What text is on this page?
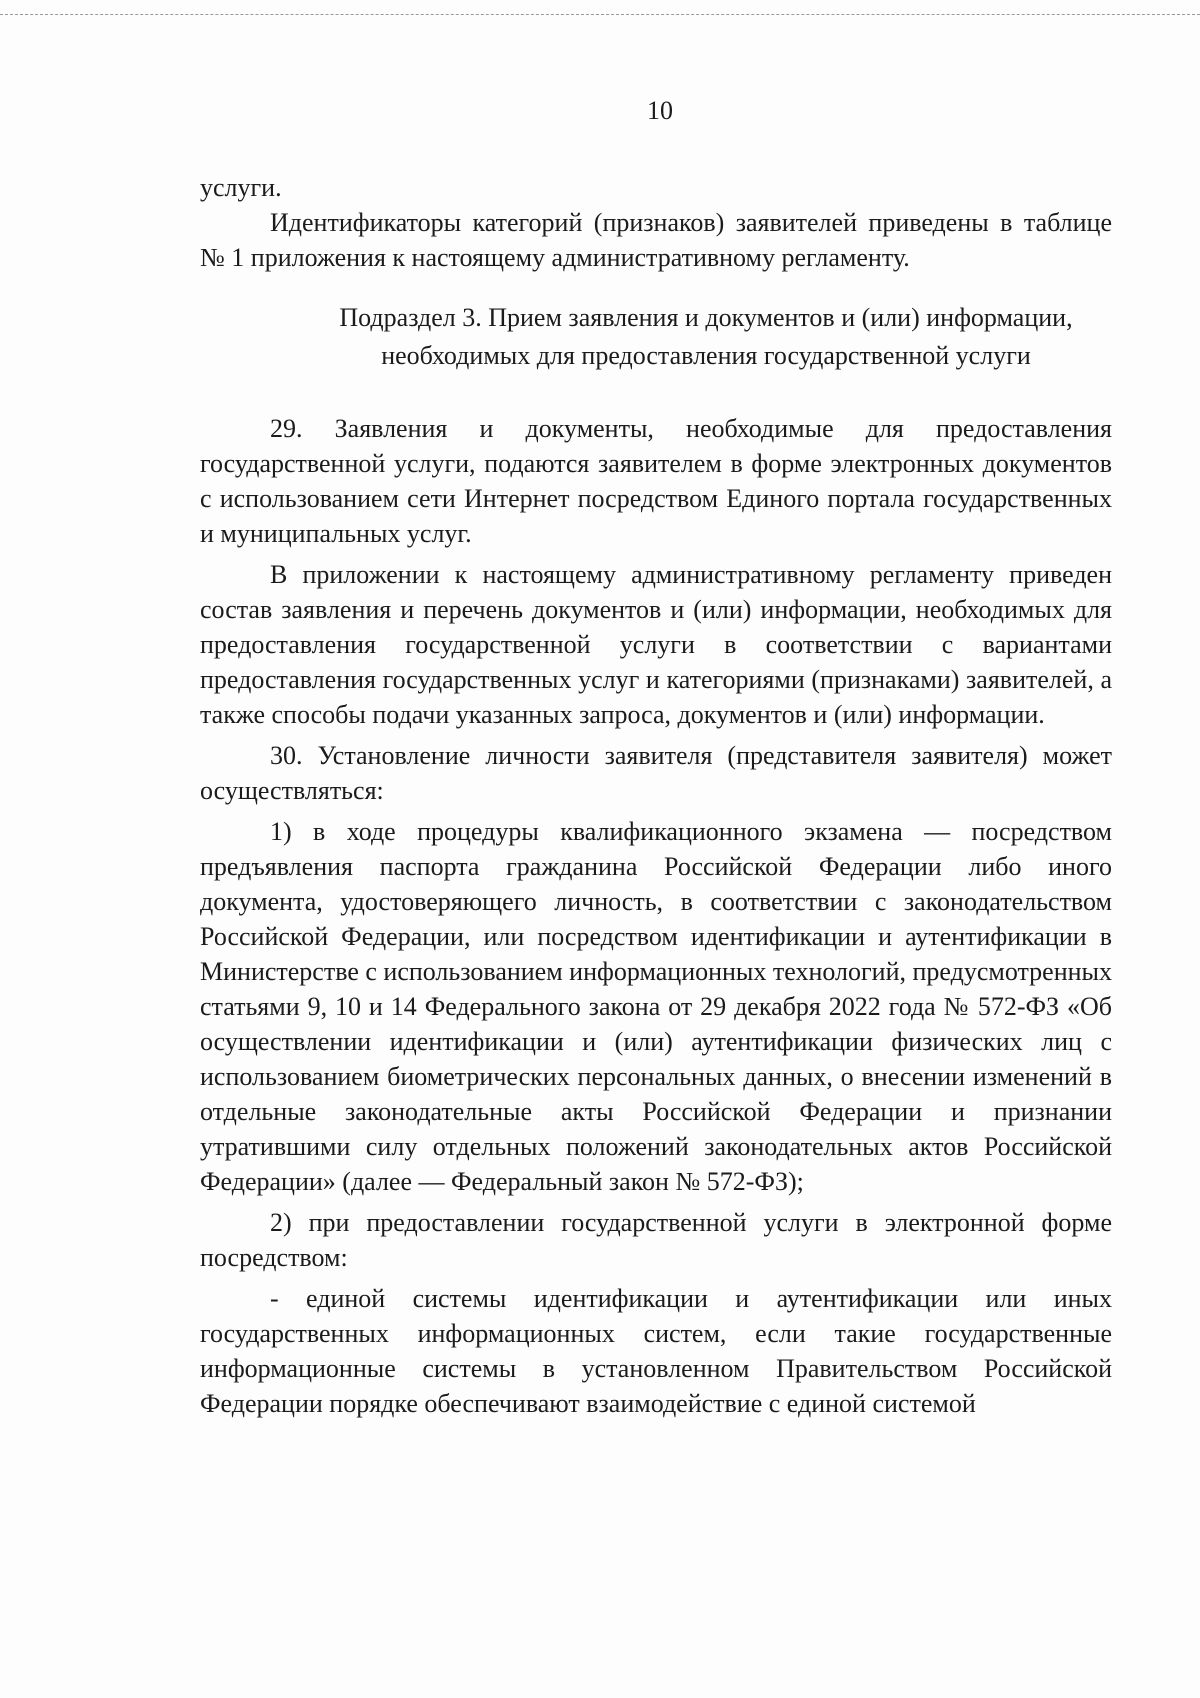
10

услуги.

Идентификаторы категорий (признаков) заявителей приведены в таблице № 1 приложения к настоящему административному регламенту.

Подраздел 3. Прием заявления и документов и (или) информации,
необходимых для предоставления государственной услуги

29. Заявления и документы, необходимые для предоставления государственной услуги, подаются заявителем в форме электронных документов с использованием сети Интернет посредством Единого портала государственных и муниципальных услуг.

В приложении к настоящему административному регламенту приведен состав заявления и перечень документов и (или) информации, необходимых для предоставления государственной услуги в соответствии с вариантами предоставления государственных услуг и категориями (признаками) заявителей, а также способы подачи указанных запроса, документов и (или) информации.

30. Установление личности заявителя (представителя заявителя) может осуществляться:

1) в ходе процедуры квалификационного экзамена — посредством предъявления паспорта гражданина Российской Федерации либо иного документа, удостоверяющего личность, в соответствии с законодательством Российской Федерации, или посредством идентификации и аутентификации в Министерстве с использованием информационных технологий, предусмотренных статьями 9, 10 и 14 Федерального закона от 29 декабря 2022 года № 572-ФЗ «Об осуществлении идентификации и (или) аутентификации физических лиц с использованием биометрических персональных данных, о внесении изменений в отдельные законодательные акты Российской Федерации и признании утратившими силу отдельных положений законодательных актов Российской Федерации» (далее — Федеральный закон № 572-ФЗ);

2) при предоставлении государственной услуги в электронной форме посредством:

- единой системы идентификации и аутентификации или иных государственных информационных систем, если такие государственные информационные системы в установленном Правительством Российской Федерации порядке обеспечивают взаимодействие с единой системой
